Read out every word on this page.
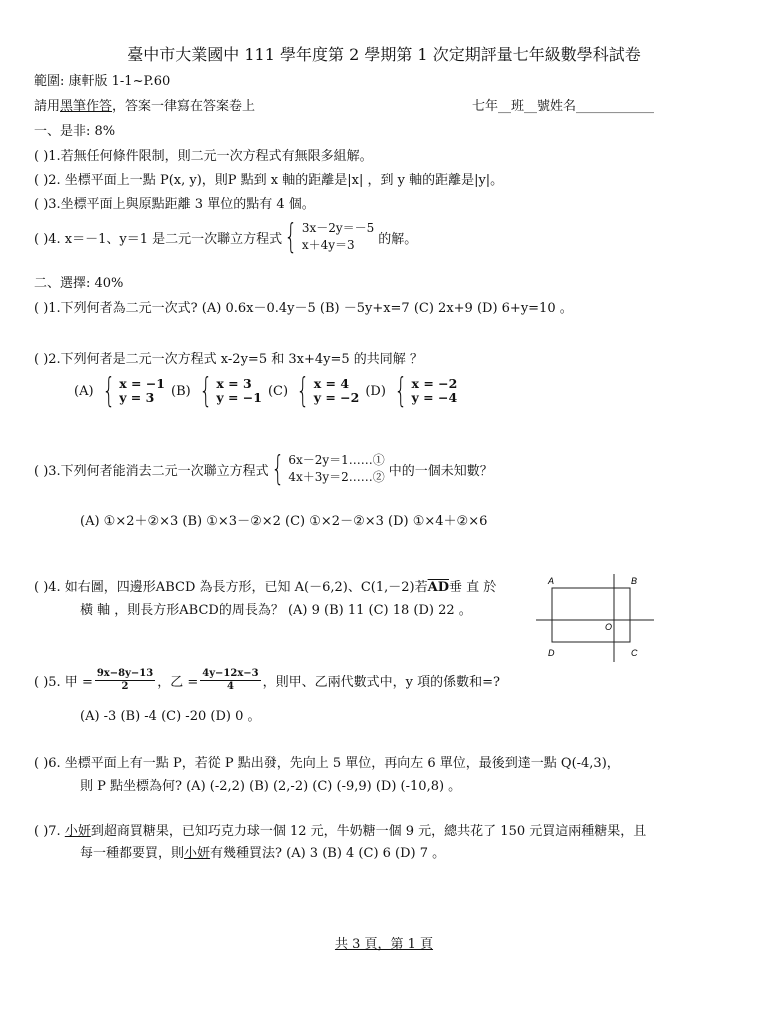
臺中市大業國中 111 學年度第 2 學期第 1 次定期評量七年級數學科試卷
範圍: 康軒版 1-1~P.60
請用黑筆作答，答案一律寫在答案卷上	七年__班__號姓名____________
一、是非: 8%
( )1.若無任何條件限制，則二元一次方程式有無限多組解。
( )2. 坐標平面上一點 P(x, y)，則P 點到 x 軸的距離是|x| ，到 y 軸的距離是|y|。
( )3.坐標平面上與原點距離 3 單位的點有 4 個。
( )4. x＝－1、y＝1 是二元一次聯立方程式 { 3x－2y＝－5
x＋4y＝3	的解。
二、選擇: 40%
( )1.下列何者為二元一次式? (A) 0.6x－0.4y－5 (B) －5y+x=7 (C) 2x+9 (D) 6+y=10 。
( )2.下列何者是二元一次方程式 x-2y=5 和 3x+4y=5 的共同解 ？
(A) { x = −1
y = 3	(B) { x = 3
y = −1 (C) { x = 4
y = −2 (D) { x = −2
y = −4
( )3.下列何者能消去二元一次聯立方程式 { 6x－2y＝1……①
4x＋3y＝2……② 中的一個未知數？
(A) ①×2＋②×3 (B) ①×3－②×2 (C) ①×2－②×3 (D) ①×4＋②×6
( )4. 如右圖，四邊形ABCD 為長方形，已知 A(－6,2)、C(1,－2)若$\overline{AD}$垂 直 於
橫 軸 ，則長方形ABCD的周長為？ (A) 9 (B) 11 (C) 18 (D) 22 。
A	B
C
D
O
( )5. 甲 = $\frac{9x-8y-13}{2}$ ，乙 = $\frac{4y-12x-3}{4}$ ，則甲、乙兩代數式中，y 項的係數和=?
(A) -3 (B) -4 (C) -20 (D) 0 。
( )6. 坐標平面上有一點 P，若從 P 點出發，先向上 5 單位，再向左 6 單位，最後到達一點 Q(-4,3)，
則 P 點坐標為何? (A) (-2,2) (B) (2,-2) (C) (-9,9) (D) (-10,8) 。
( )7. 小妍到超商買糖果，已知巧克力球一個 12 元，牛奶糖一個 9 元，總共花了 150 元買這兩種糖果，且
每一種都要買，則小妍有幾種買法? (A) 3 (B) 4 (C) 6 (D) 7 。
共 3 頁，第 1 頁
